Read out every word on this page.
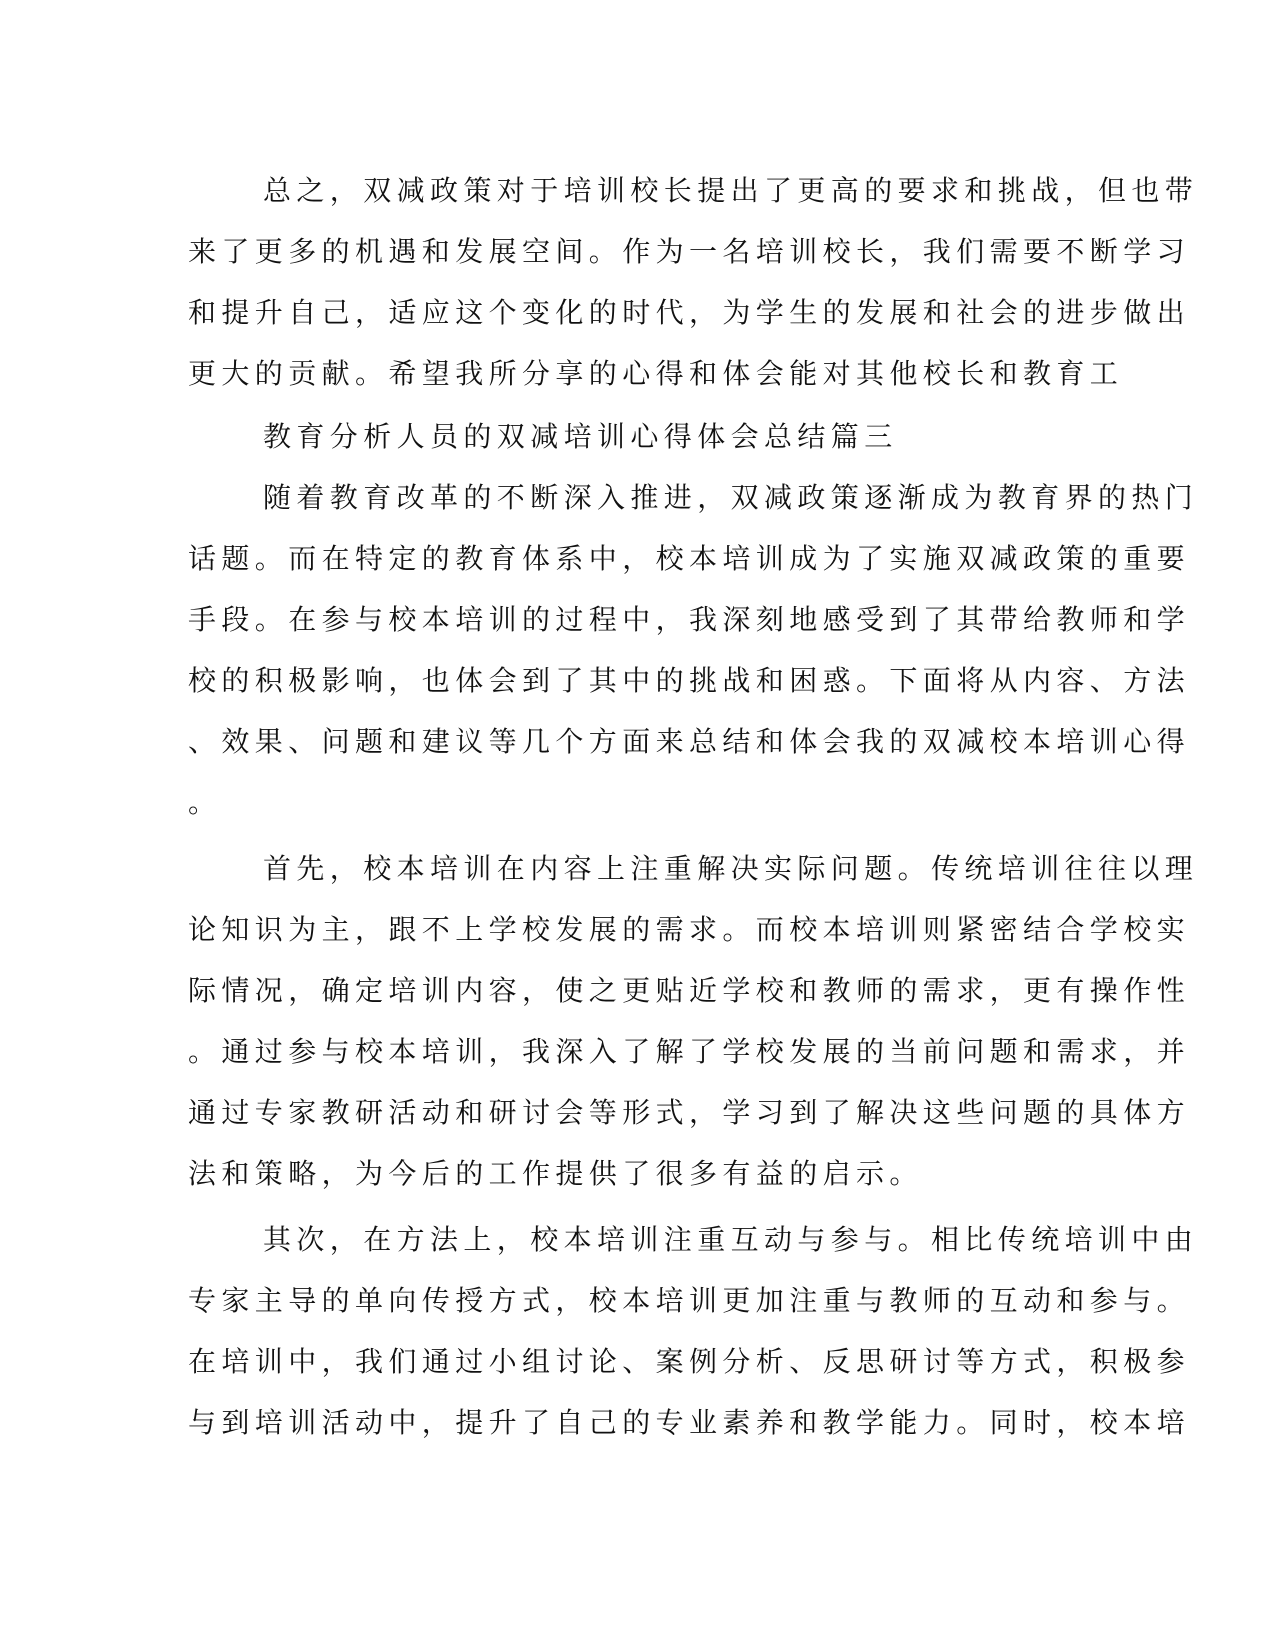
总之，双减政策对于培训校长提出了更高的要求和挑战，但也带
来了更多的机遇和发展空间。作为一名培训校长，我们需要不断学习
和提升自己，适应这个变化的时代，为学生的发展和社会的进步做出
更大的贡献。希望我所分享的心得和体会能对其他校长和教育工
教育分析人员的双减培训心得体会总结篇三
随着教育改革的不断深入推进，双减政策逐渐成为教育界的热门
话题。而在特定的教育体系中，校本培训成为了实施双减政策的重要
手段。在参与校本培训的过程中，我深刻地感受到了其带给教师和学
校的积极影响，也体会到了其中的挑战和困惑。下面将从内容、方法
、效果、问题和建议等几个方面来总结和体会我的双减校本培训心得
。
首先，校本培训在内容上注重解决实际问题。传统培训往往以理
论知识为主，跟不上学校发展的需求。而校本培训则紧密结合学校实
际情况，确定培训内容，使之更贴近学校和教师的需求，更有操作性
。通过参与校本培训，我深入了解了学校发展的当前问题和需求，并
通过专家教研活动和研讨会等形式，学习到了解决这些问题的具体方
法和策略，为今后的工作提供了很多有益的启示。
其次，在方法上，校本培训注重互动与参与。相比传统培训中由
专家主导的单向传授方式，校本培训更加注重与教师的互动和参与。
在培训中，我们通过小组讨论、案例分析、反思研讨等方式，积极参
与到培训活动中，提升了自己的专业素养和教学能力。同时，校本培
